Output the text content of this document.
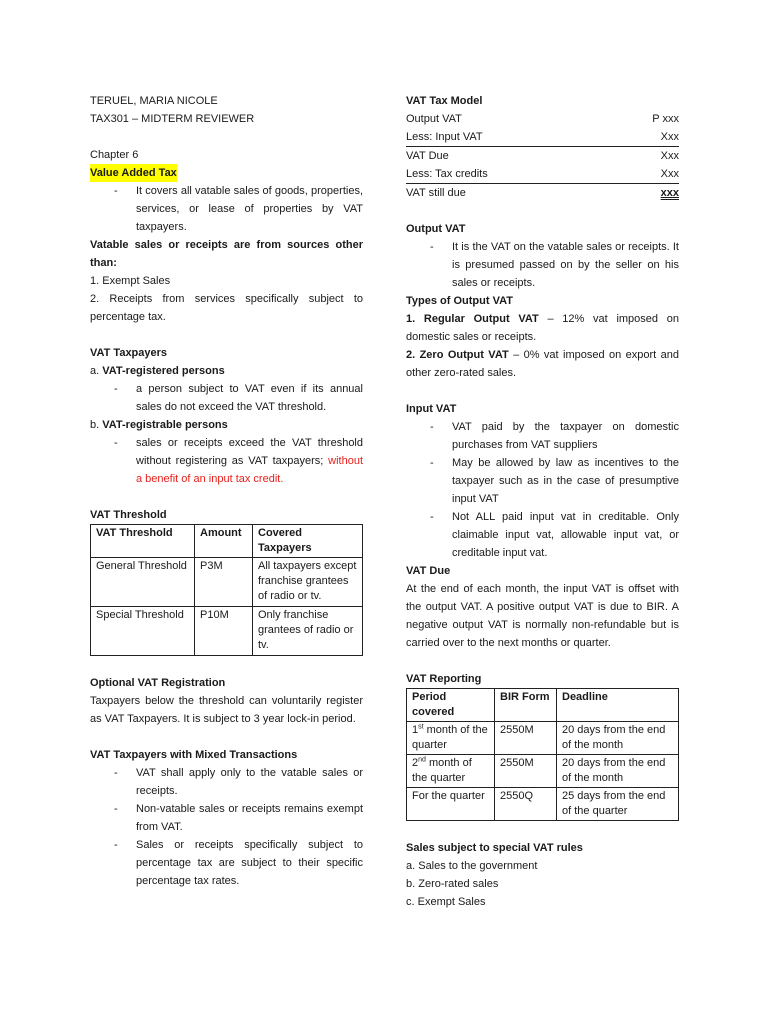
TERUEL, MARIA NICOLE

TAX301 – MIDTERM REVIEWER

Chapter 6

Value Added Tax

- It covers all vatable sales of goods, properties, services, or lease of properties by VAT taxpayers.

Vatable sales or receipts are from sources other than:

1. Exempt Sales

2. Receipts from services specifically subject to percentage tax.

VAT Taxpayers

a. VAT-registered persons

- a person subject to VAT even if its annual sales do not exceed the VAT threshold.

b. VAT-registrable persons

- sales or receipts exceed the VAT threshold without registering as VAT taxpayers; without a benefit of an input tax credit.

VAT Threshold

VAT Threshold	Amount	Covered Taxpayers
General Threshold	P3M	All taxpayers except franchise grantees of radio or tv.
Special Threshold	P10M	Only franchise grantees of radio or tv.

Optional VAT Registration

Taxpayers below the threshold can voluntarily register as VAT Taxpayers. It is subject to 3 year lock-in period.

VAT Taxpayers with Mixed Transactions

- VAT shall apply only to the vatable sales or receipts.
- Non-vatable sales or receipts remains exempt from VAT.
- Sales or receipts specifically subject to percentage tax are subject to their specific percentage tax rates.

VAT Tax Model

Output VAT	P xxx
Less: Input VAT	Xxx
VAT Due	Xxx
Less: Tax credits	Xxx
VAT still due	xxx

Output VAT

- It is the VAT on the vatable sales or receipts. It is presumed passed on by the seller on his sales or receipts.

Types of Output VAT

1. Regular Output VAT – 12% vat imposed on domestic sales or receipts.

2. Zero Output VAT – 0% vat imposed on export and other zero-rated sales.

Input VAT

- VAT paid by the taxpayer on domestic purchases from VAT suppliers
- May be allowed by law as incentives to the taxpayer such as in the case of presumptive input VAT
- Not ALL paid input vat in creditable. Only claimable input vat, allowable input vat, or creditable input vat.

VAT Due

At the end of each month, the input VAT is offset with the output VAT. A positive output VAT is due to BIR. A negative output VAT is normally non-refundable but is carried over to the next months or quarter.

VAT Reporting

Period covered	BIR Form	Deadline
1st month of the quarter	2550M	20 days from the end of the month
2nd month of the quarter	2550M	20 days from the end of the month
For the quarter	2550Q	25 days from the end of the quarter

Sales subject to special VAT rules

a. Sales to the government

b. Zero-rated sales

c. Exempt Sales
